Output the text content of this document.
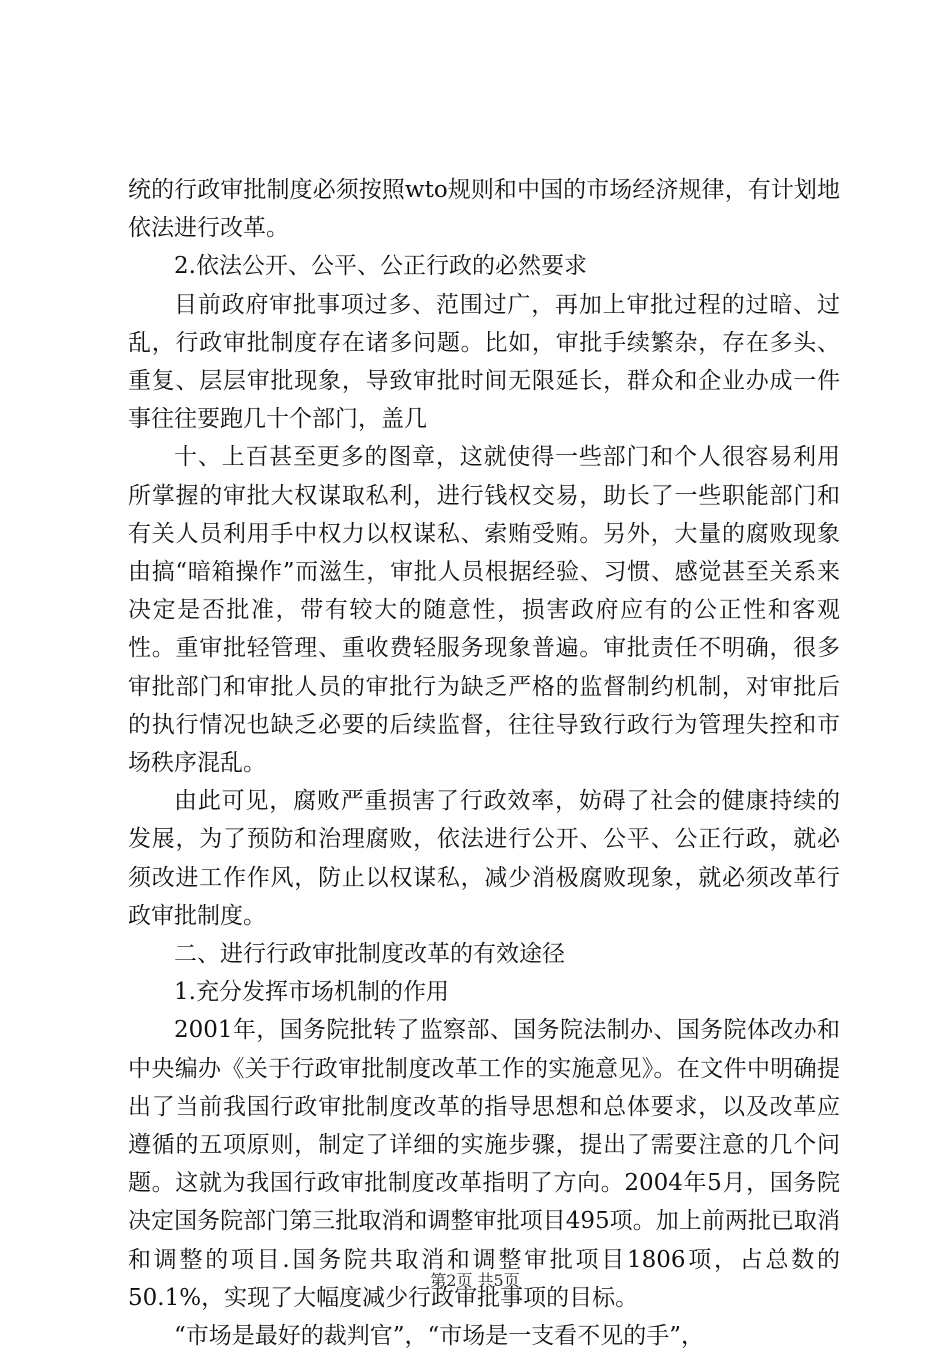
统的行政审批制度必须按照wto规则和中国的市场经济规律，有计划地依法进行改革。

2.依法公开、公平、公正行政的必然要求

目前政府审批事项过多、范围过广，再加上审批过程的过暗、过乱，行政审批制度存在诸多问题。比如，审批手续繁杂，存在多头、重复、层层审批现象，导致审批时间无限延长，群众和企业办成一件事往往要跑几十个部门，盖几

十、上百甚至更多的图章，这就使得一些部门和个人很容易利用所掌握的审批大权谋取私利，进行钱权交易，助长了一些职能部门和有关人员利用手中权力以权谋私、索贿受贿。另外，大量的腐败现象由搞“暗箱操作”而滋生，审批人员根据经验、习惯、感觉甚至关系来决定是否批准，带有较大的随意性，损害政府应有的公正性和客观性。重审批轻管理、重收费轻服务现象普遍。审批责任不明确，很多审批部门和审批人员的审批行为缺乏严格的监督制约机制，对审批后的执行情况也缺乏必要的后续监督，往往导致行政行为管理失控和市场秩序混乱。

由此可见，腐败严重损害了行政效率，妨碍了社会的健康持续的发展，为了预防和治理腐败，依法进行公开、公平、公正行政，就必须改进工作作风，防止以权谋私，减少消极腐败现象，就必须改革行政审批制度。

二、进行行政审批制度改革的有效途径

1.充分发挥市场机制的作用

2001年，国务院批转了监察部、国务院法制办、国务院体改办和中央编办《关于行政审批制度改革工作的实施意见》。在文件中明确提出了当前我国行政审批制度改革的指导思想和总体要求，以及改革应遵循的五项原则，制定了详细的实施步骤，提出了需要注意的几个问题。这就为我国行政审批制度改革指明了方向。2004年5月，国务院决定国务院部门第三批取消和调整审批项目495项。加上前两批已取消和调整的项目.国务院共取消和调整审批项目1806项，占总数的50.1%，实现了大幅度减少行政审批事项的目标。

“市场是最好的裁判官”，“市场是一支看不见的手”，

第2页 共5页
